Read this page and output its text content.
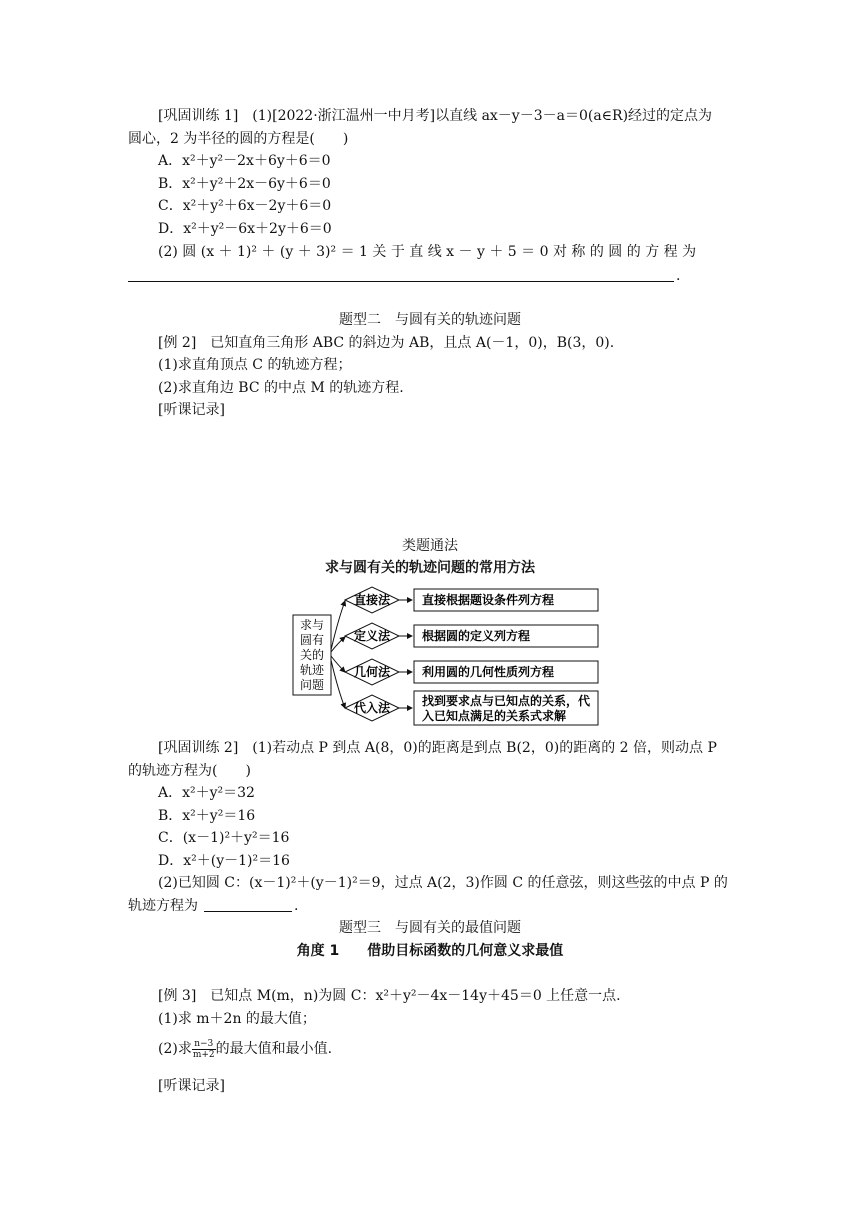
[巩固训练 1]　(1)[2022·浙江温州一中月考]以直线 ax－y－3－a＝0(a∈R)经过的定点为
圆心，2 为半径的圆的方程是(　　)
A．x²＋y²－2x＋6y＋6＝0
B．x²＋y²＋2x－6y＋6＝0
C．x²＋y²＋6x－2y＋6＝0
D．x²＋y²－6x＋2y＋6＝0
(2) 圆 (x ＋ 1)² ＋ (y ＋ 3)² ＝ 1 关 于 直 线 x － y ＋ 5 ＝ 0 对 称 的 圆 的 方 程 为
.
题型二　与圆有关的轨迹问题
[例 2]　已知直角三角形 ABC 的斜边为 AB，且点 A(－1，0)，B(3，0).
(1)求直角顶点 C 的轨迹方程；
(2)求直角边 BC 的中点 M 的轨迹方程.
[听课记录]
类题通法
求与圆有关的轨迹问题的常用方法
求与
圆有
关的
轨迹
问题
直接法
定义法
几何法
代入法
直接根据题设条件列方程
根据圆的定义列方程
利用圆的几何性质列方程
找到要求点与已知点的关系，代
入已知点满足的关系式求解
[巩固训练 2]　(1)若动点 P 到点 A(8，0)的距离是到点 B(2，0)的距离的 2 倍，则动点 P
的轨迹方程为(　　)
A．x²＋y²＝32
B．x²＋y²＝16
C．(x－1)²＋y²＝16
D．x²＋(y－1)²＝16
(2)已知圆 C：(x－1)²＋(y－1)²＝9，过点 A(2，3)作圆 C 的任意弦，则这些弦的中点 P 的
轨迹方程为	.
题型三　与圆有关的最值问题
角度 1　　借助目标函数的几何意义求最值
[例 3]　已知点 M(m，n)为圆 C：x²＋y²－4x－14y＋45＝0 上任意一点.
(1)求 m＋2n 的最大值；
(2)求 $\frac{n-3}{m+2}$ 的最大值和最小值.
[听课记录]
